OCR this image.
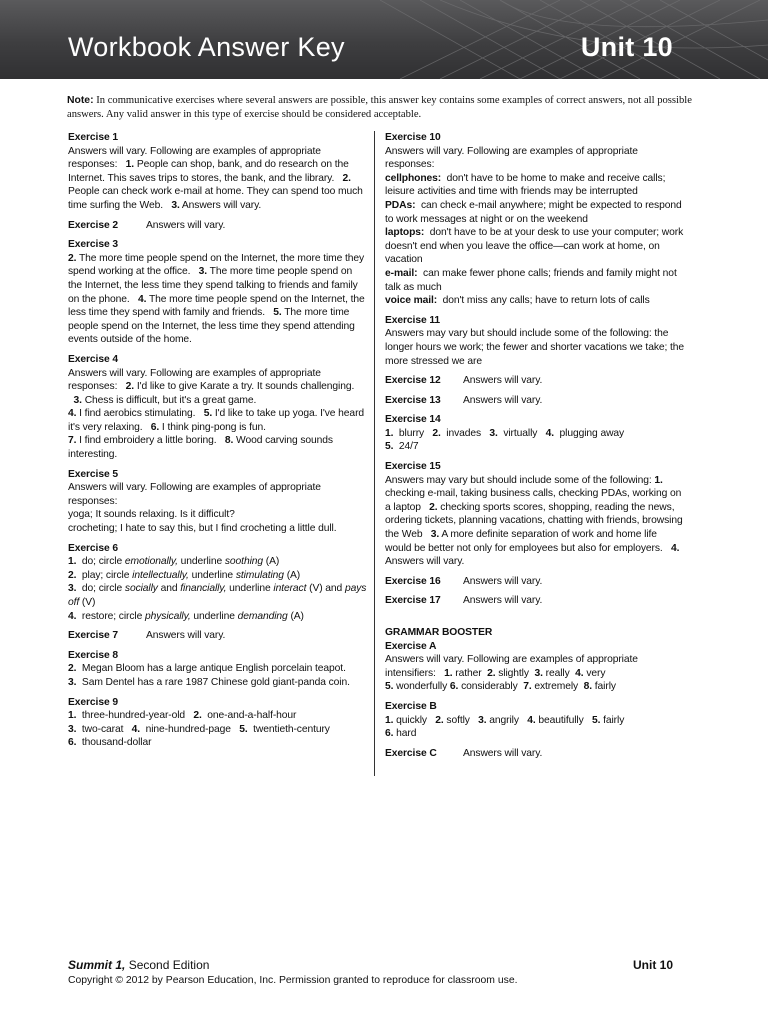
Workbook Answer Key	Unit 10
Note: In communicative exercises where several answers are possible, this answer key contains some examples of correct answers, not all possible answers. Any valid answer in this type of exercise should be considered acceptable.
Exercise 1
Answers will vary. Following are examples of appropriate responses: 1. People can shop, bank, and do research on the Internet. This saves trips to stores, the bank, and the library. 2. People can check work e-mail at home. They can spend too much time surfing the Web. 3. Answers will vary.
Exercise 2	Answers will vary.
Exercise 3
2. The more time people spend on the Internet, the more time they spend working at the office. 3. The more time people spend on the Internet, the less time they spend talking to friends and family on the phone. 4. The more time people spend on the Internet, the less time they spend with family and friends. 5. The more time people spend on the Internet, the less time they spend attending events outside of the home.
Exercise 4
Answers will vary. Following are examples of appropriate responses: 2. I'd like to give Karate a try. It sounds challenging.   3. Chess is difficult, but it's a great game.
4. I find aerobics stimulating. 5. I'd like to take up yoga. I've heard it's very relaxing. 6. I think ping-pong is fun.
7. I find embroidery a little boring. 8. Wood carving sounds interesting.
Exercise 5
Answers will vary. Following are examples of appropriate responses:
yoga; It sounds relaxing. Is it difficult?
crocheting; I hate to say this, but I find crocheting a little dull.
Exercise 6
1. do; circle emotionally, underline soothing (A)
2. play; circle intellectually, underline stimulating (A)
3. do; circle socially and financially, underline interact (V) and pays off (V)
4. restore; circle physically, underline demanding (A)
Exercise 7	Answers will vary.
Exercise 8
2. Megan Bloom has a large antique English porcelain teapot.
3. Sam Dentel has a rare 1987 Chinese gold giant-panda coin.
Exercise 9
1. three-hundred-year-old 2. one-and-a-half-hour
3. two-carat 4. nine-hundred-page 5. twentieth-century
6. thousand-dollar
Exercise 10
Answers will vary. Following are examples of appropriate responses:
cellphones: don't have to be home to make and receive calls; leisure activities and time with friends may be interrupted
PDAs: can check e-mail anywhere; might be expected to respond to work messages at night or on the weekend
laptops: don't have to be at your desk to use your computer; work doesn't end when you leave the office—can work at home, on vacation
e-mail: can make fewer phone calls; friends and family might not talk as much
voice mail: don't miss any calls; have to return lots of calls
Exercise 11
Answers may vary but should include some of the following: the longer hours we work; the fewer and shorter vacations we take; the more stressed we are
Exercise 12	Answers will vary.
Exercise 13	Answers will vary.
Exercise 14
1. blurry 2. invades 3. virtually 4. plugging away
5. 24/7
Exercise 15
Answers may vary but should include some of the following: 1. checking e-mail, taking business calls, checking PDAs, working on a laptop 2. checking sports scores, shopping, reading the news, ordering tickets, planning vacations, chatting with friends, browsing the Web 3. A more definite separation of work and home life would be better not only for employees but also for employers. 4. Answers will vary.
Exercise 16	Answers will vary.
Exercise 17	Answers will vary.
GRAMMAR BOOSTER
Exercise A
Answers will vary. Following are examples of appropriate intensifiers: 1. rather 2. slightly 3. really 4. very
5. wonderfully 6. considerably 7. extremely 8. fairly
Exercise B
1. quickly 2. softly 3. angrily 4. beautifully 5. fairly
6. hard
Exercise C	Answers will vary.
Summit 1, Second Edition	Unit 10
Copyright © 2012 by Pearson Education, Inc. Permission granted to reproduce for classroom use.
